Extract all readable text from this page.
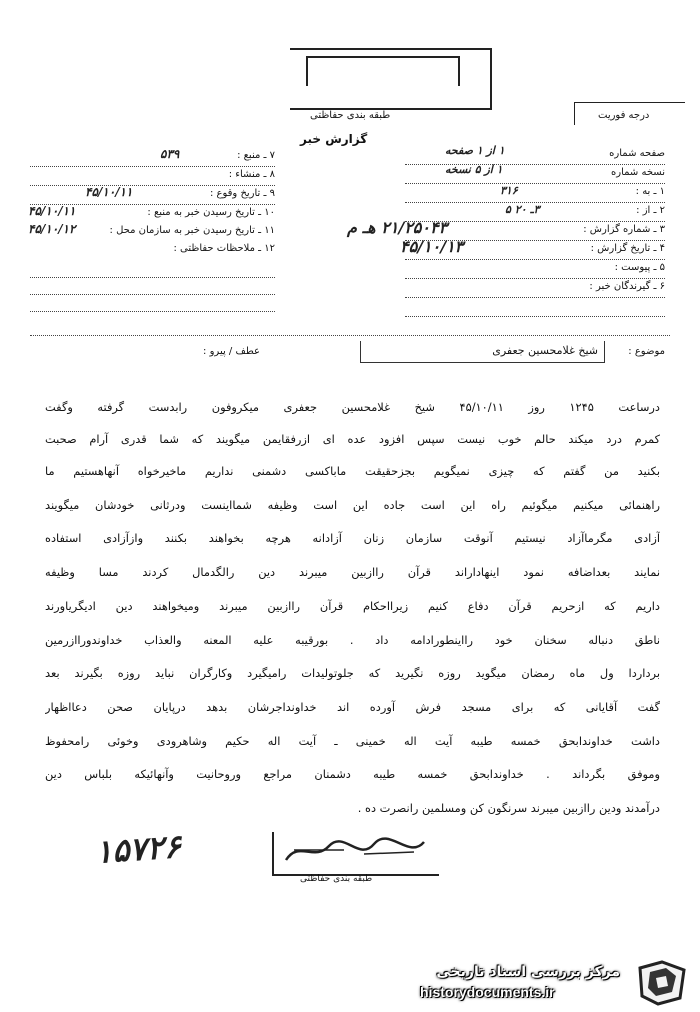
طبقه بندی حفاظتی	درجه فوریت
گزارش خبر
۷ ـ منبع :
۵۳۹
۸ ـ منشاء :
۹ ـ تاریخ وقوع :
۴۵/۱۰/۱۱
۱۰ ـ تاریخ رسیدن خبر به منبع :
۴۵/۱۰/۱۱
۱۱ ـ تاریخ رسیدن خبر به سازمان محل :
۴۵/۱۰/۱۲
۱۲ ـ ملاحظات حفاظتی :
صفحه شماره
۱ از ۱ صفحه
نسخه شماره
۱ از ۵ نسخه
۱ ـ به :
۳۱۶
۲ ـ از :
۳ـ ۲۰ ۵
۳ ـ شماره گزارش :
۲۱/۲۵۰۴۳ هـ م
۴ ـ تاریخ گزارش :
۴۵/۱۰/۱۳
۵ ـ پیوست :
۶ ـ گیرندگان خبر :
موضوع :
شیخ غلامحسین جعفری
عطف / پیرو :
درساعت ۱۲۴۵ روز ۴۵/۱۰/۱۱ شیخ غلامحسین جعفری میکروفون رابدست گرفته وگفت
کمرم درد میکند حالم خوب نیست سپس افزود عده ای ازرفقایمن میگویند که شما قدری آرام صحبت
بکنید من گفتم که چیزی نمیگویم بجزحقیقت ماباکسی دشمنی نداریم ماخیرخواه آنهاهستیم ما
راهنمائی میکنیم میگوئیم راه این است جاده این است وظیفه شمااینست ودرثانی خودشان میگویند
آزادی مگرماآزاد نیستیم آنوقت سازمان زنان آزادانه هرچه بخواهند بکنند وازآزادی استفاده
نمایند بعداضافه نمود اینهاداراند قرآن راازبین میبرند دین رالگدمال کردند مسا وظیفه
داریم که ازحریم قرآن دفاع کنیم زیرااحکام قرآن راازبین میبرند ومیخواهند دین ادیگریاورند
ناطق دنباله سخنان خود رااینطورادامه داد . بورقیبه علیه المعنه والعذاب خداوندوراازرمین
برداردا ول ماه رمضان میگوید روزه نگیرید که جلوتولیدات رامیگیرد وکارگران نباید روزه بگیرند بعد
گفت آقایانی که برای مسجد فرش آورده اند خداونداجرشان بدهد درپایان صحن دعااظهار
داشت خداوندابحق خمسه طیبه آیت اله خمینی ـ آیت اله حکیم وشاهرودی وخوئی رامحفوظ
وموفق بگرداند . خداوندابحق خمسه طیبه دشمنان مراجع وروحانیت وآنهائیکه بلباس دین
درآمدند ودین راازبین میبرند سرنگون کن ومسلمین رانصرت ده .
۱۵۷۲۶
طبقه بندی حفاظتی
مرکز بررسی اسناد تاریخی
historydocuments.ir
